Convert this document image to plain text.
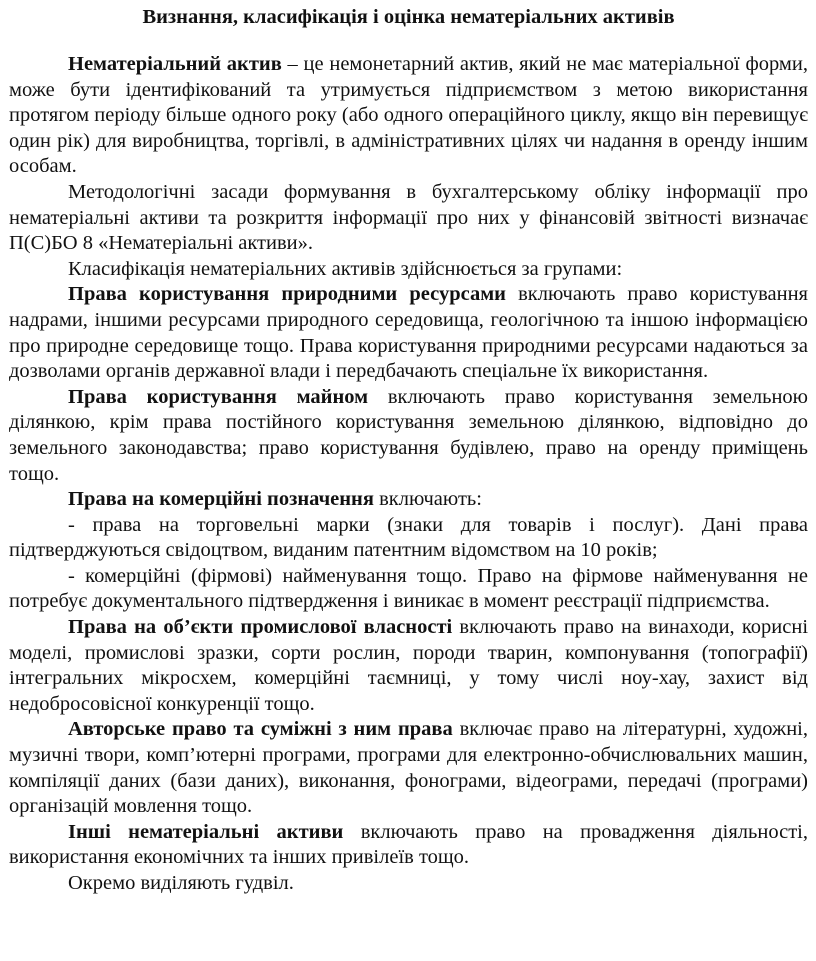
Визнання, класифікація і оцінка нематеріальних активів

Нематеріальний актив – це немонетарний актив, який не має матеріальної форми, може бути ідентифікований та утримується підприємством з метою використання протягом періоду більше одного року (або одного операційного циклу, якщо він перевищує один рік) для виробництва, торгівлі, в адміністративних цілях чи надання в оренду іншим особам.

Методологічні засади формування в бухгалтерському обліку інформації про нематеріальні активи та розкриття інформації про них у фінансовій звітності визначає П(С)БО 8 «Нематеріальні активи».

Класифікація нематеріальних активів здійснюється за групами:

Права користування природними ресурсами включають право користування надрами, іншими ресурсами природного середовища, геологічною та іншою інформацією про природне середовище тощо. Права користування природними ресурсами надаються за дозволами органів державної влади і передбачають спеціальне їх використання.

Права користування майном включають право користування земельною ділянкою, крім права постійного користування земельною ділянкою, відповідно до земельного законодавства; право користування будівлею, право на оренду приміщень тощо.

Права на комерційні позначення включають:

- права на торговельні марки (знаки для товарів і послуг). Дані права підтверджуються свідоцтвом, виданим патентним відомством на 10 років;

- комерційні (фірмові) найменування тощо. Право на фірмове найменування не потребує документального підтвердження і виникає в момент реєстрації підприємства.

Права на об’єкти промислової власності включають право на винаходи, корисні моделі, промислові зразки, сорти рослин, породи тварин, компонування (топографії) інтегральних мікросхем, комерційні таємниці, у тому числі ноу-хау, захист від недобросовісної конкуренції тощо.

Авторське право та суміжні з ним права включає право на літературні, художні, музичні твори, комп’ютерні програми, програми для електронно-обчислювальних машин, компіляції даних (бази даних), виконання, фонограми, відеограми, передачі (програми) організацій мовлення тощо.

Інші нематеріальні активи включають право на провадження діяльності, використання економічних та інших привілеїв тощо.

Окремо виділяють гудвіл.
